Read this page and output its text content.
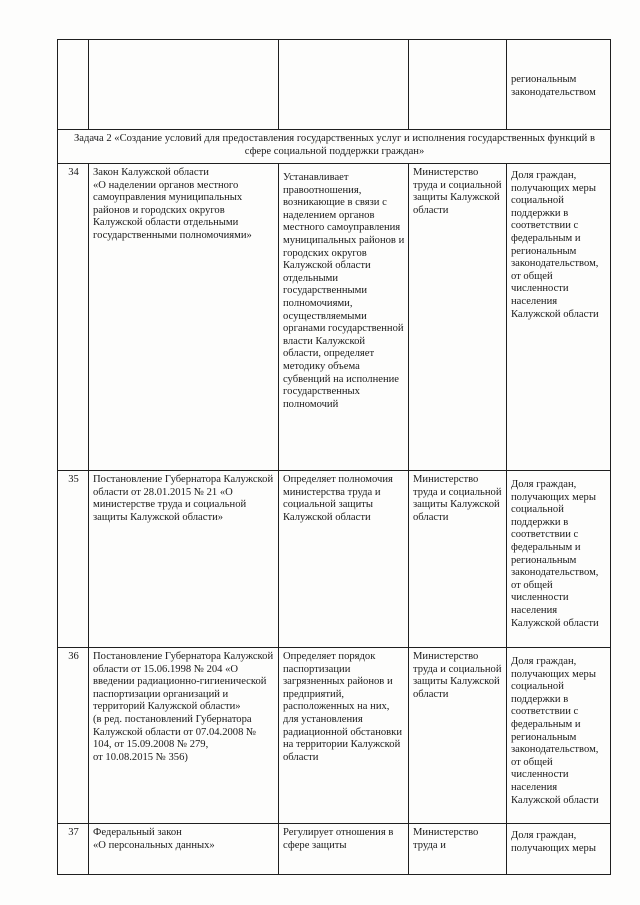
				региональным
законодательством

Задача 2 «Создание условий для предоставления государственных услуг и исполнения государственных функций в сфере социальной поддержки граждан»				
34	Закон Калужской области
«О наделении органов местного самоуправления муниципальных районов и городских округов Калужской области отдельными государственными полномочиями»	Устанавливает правоотношения, возникающие в связи с наделением органов местного самоуправления муниципальных районов и городских округов Калужской области отдельными государственными полномочиями, осуществляемыми органами государственной власти Калужской области, определяет методику объема субвенций на исполнение государственных полномочий	Министерство труда и социальной защиты Калужской области	Доля граждан, получающих меры социальной поддержки в соответствии с федеральным и региональным законодательством, от общей численности населения Калужской области

35	Постановление Губернатора Калужской области от 28.01.2015 № 21 «О министерстве труда и социальной защиты Калужской области»	Определяет полномочия министерства труда и социальной защиты Калужской области	Министерство труда и социальной защиты Калужской области	Доля граждан, получающих меры социальной поддержки в соответствии с федеральным и региональным законодательством, от общей численности населения Калужской области

36	Постановление Губернатора Калужской области от 15.06.1998 № 204 «О введении радиационно-гигиенической паспортизации организаций и территорий Калужской области»
(в ред. постановлений Губернатора Калужской области от 07.04.2008 № 104, от 15.09.2008 № 279,
от 10.08.2015 № 356)	Определяет порядок паспортизации загрязненных районов и предприятий, расположенных на них, для установления радиационной обстановки на территории Калужской области	Министерство труда и социальной защиты Калужской области	Доля граждан, получающих меры социальной поддержки в соответствии с федеральным и региональным законодательством, от общей численности населения Калужской области

37	Федеральный закон
«О персональных данных»	Регулирует отношения в сфере защиты	Министерство труда и	Доля граждан, получающих меры
